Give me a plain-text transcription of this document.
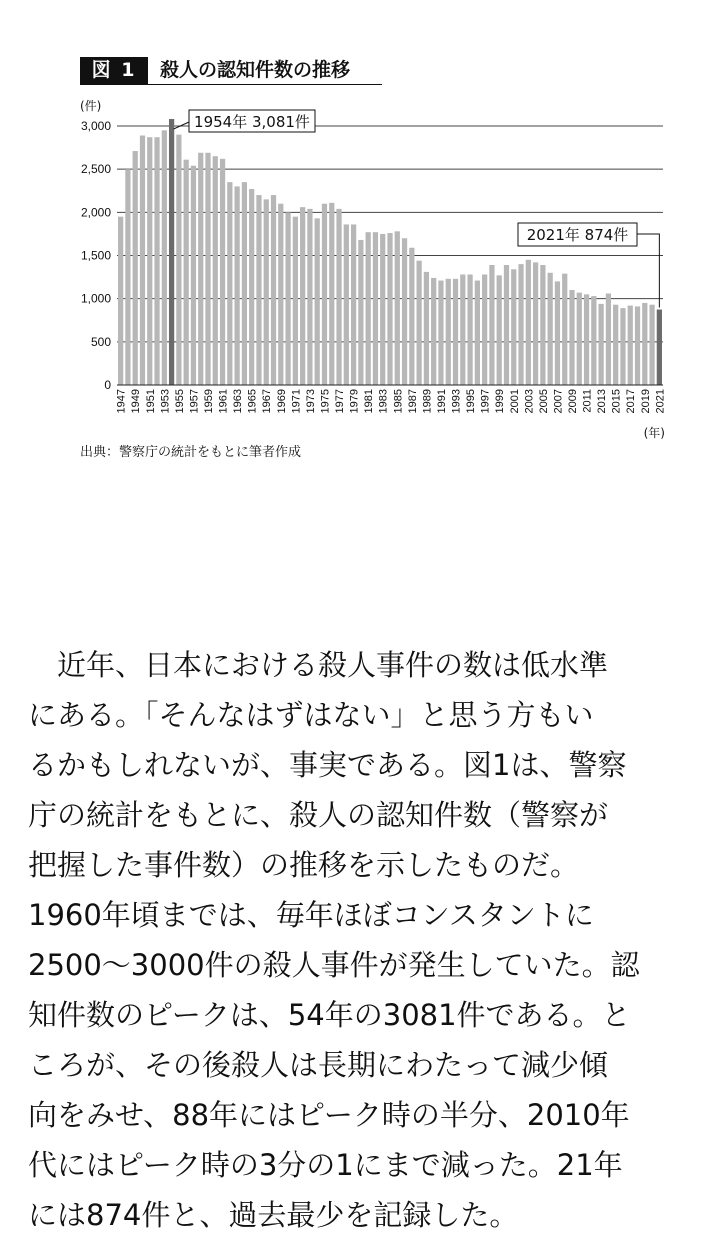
図 1	殺人の認知件数の推移
0
500
1,000
1,500
2,000
2,500
3,000
(件)
1947 1949 1951 1953 1955 1957 1959 1961 1963 1965 1967 1969 1971 1973 1975 1977 1979 1981 1983 1985 1987 1989 1991 1993 1995 1997 1999 2001 2003 2005 2007 2009 2011 2013 2015 2017 2019 2021
(年)
1954年 3,081件
2021年 874件
出典：警察庁の統計をもとに筆者作成
　近年、日本における殺人事件の数は低水準
にある。「そんなはずはない」と思う方もい
るかもしれないが、事実である。図1は、警察
庁の統計をもとに、殺人の認知件数（警察が
把握した事件数）の推移を示したものだ。
1960年頃までは、毎年ほぼコンスタントに
2500〜3000件の殺人事件が発生していた。認
知件数のピークは、54年の3081件である。と
ころが、その後殺人は長期にわたって減少傾
向をみせ、88年にはピーク時の半分、2010年
代にはピーク時の3分の1にまで減った。21年
には874件と、過去最少を記録した。
